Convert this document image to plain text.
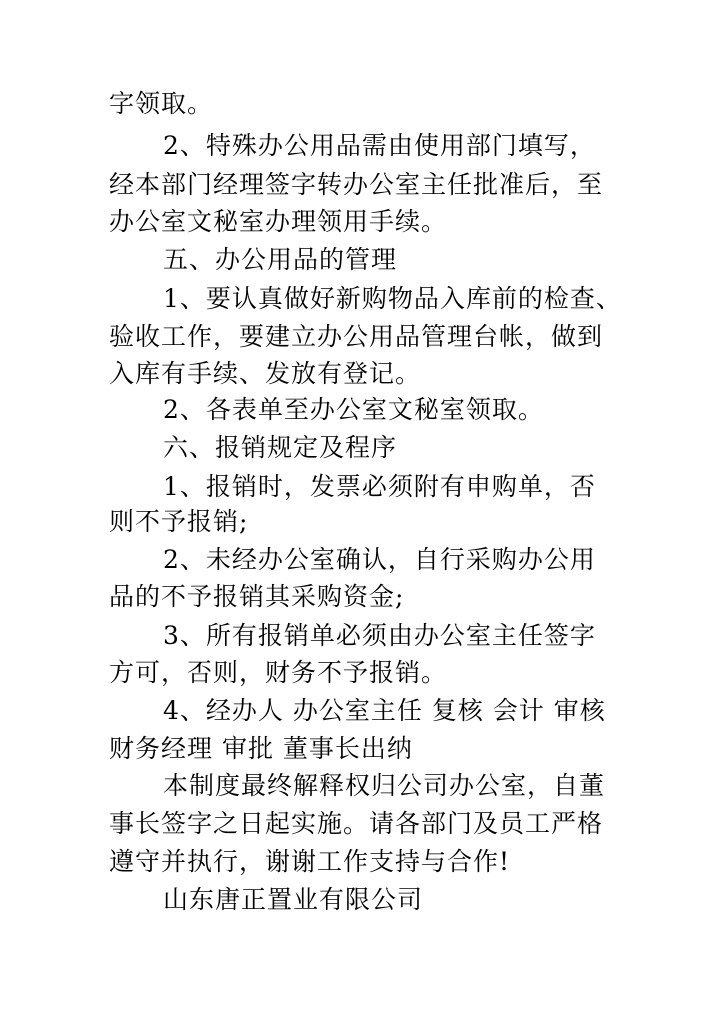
字领取。
2、特殊办公用品需由使用部门填写，
经本部门经理签字转办公室主任批准后，至
办公室文秘室办理领用手续。
五、办公用品的管理
1、要认真做好新购物品入库前的检查、
验收工作，要建立办公用品管理台帐，做到
入库有手续、发放有登记。
2、各表单至办公室文秘室领取。
六、报销规定及程序
1、报销时，发票必须附有申购单，否
则不予报销;
2、未经办公室确认，自行采购办公用
品的不予报销其采购资金;
3、所有报销单必须由办公室主任签字
方可，否则，财务不予报销。
4、经办人 办公室主任 复核 会计 审核
财务经理 审批 董事长出纳
本制度最终解释权归公司办公室，自董
事长签字之日起实施。请各部门及员工严格
遵守并执行，谢谢工作支持与合作!
山东唐正置业有限公司
